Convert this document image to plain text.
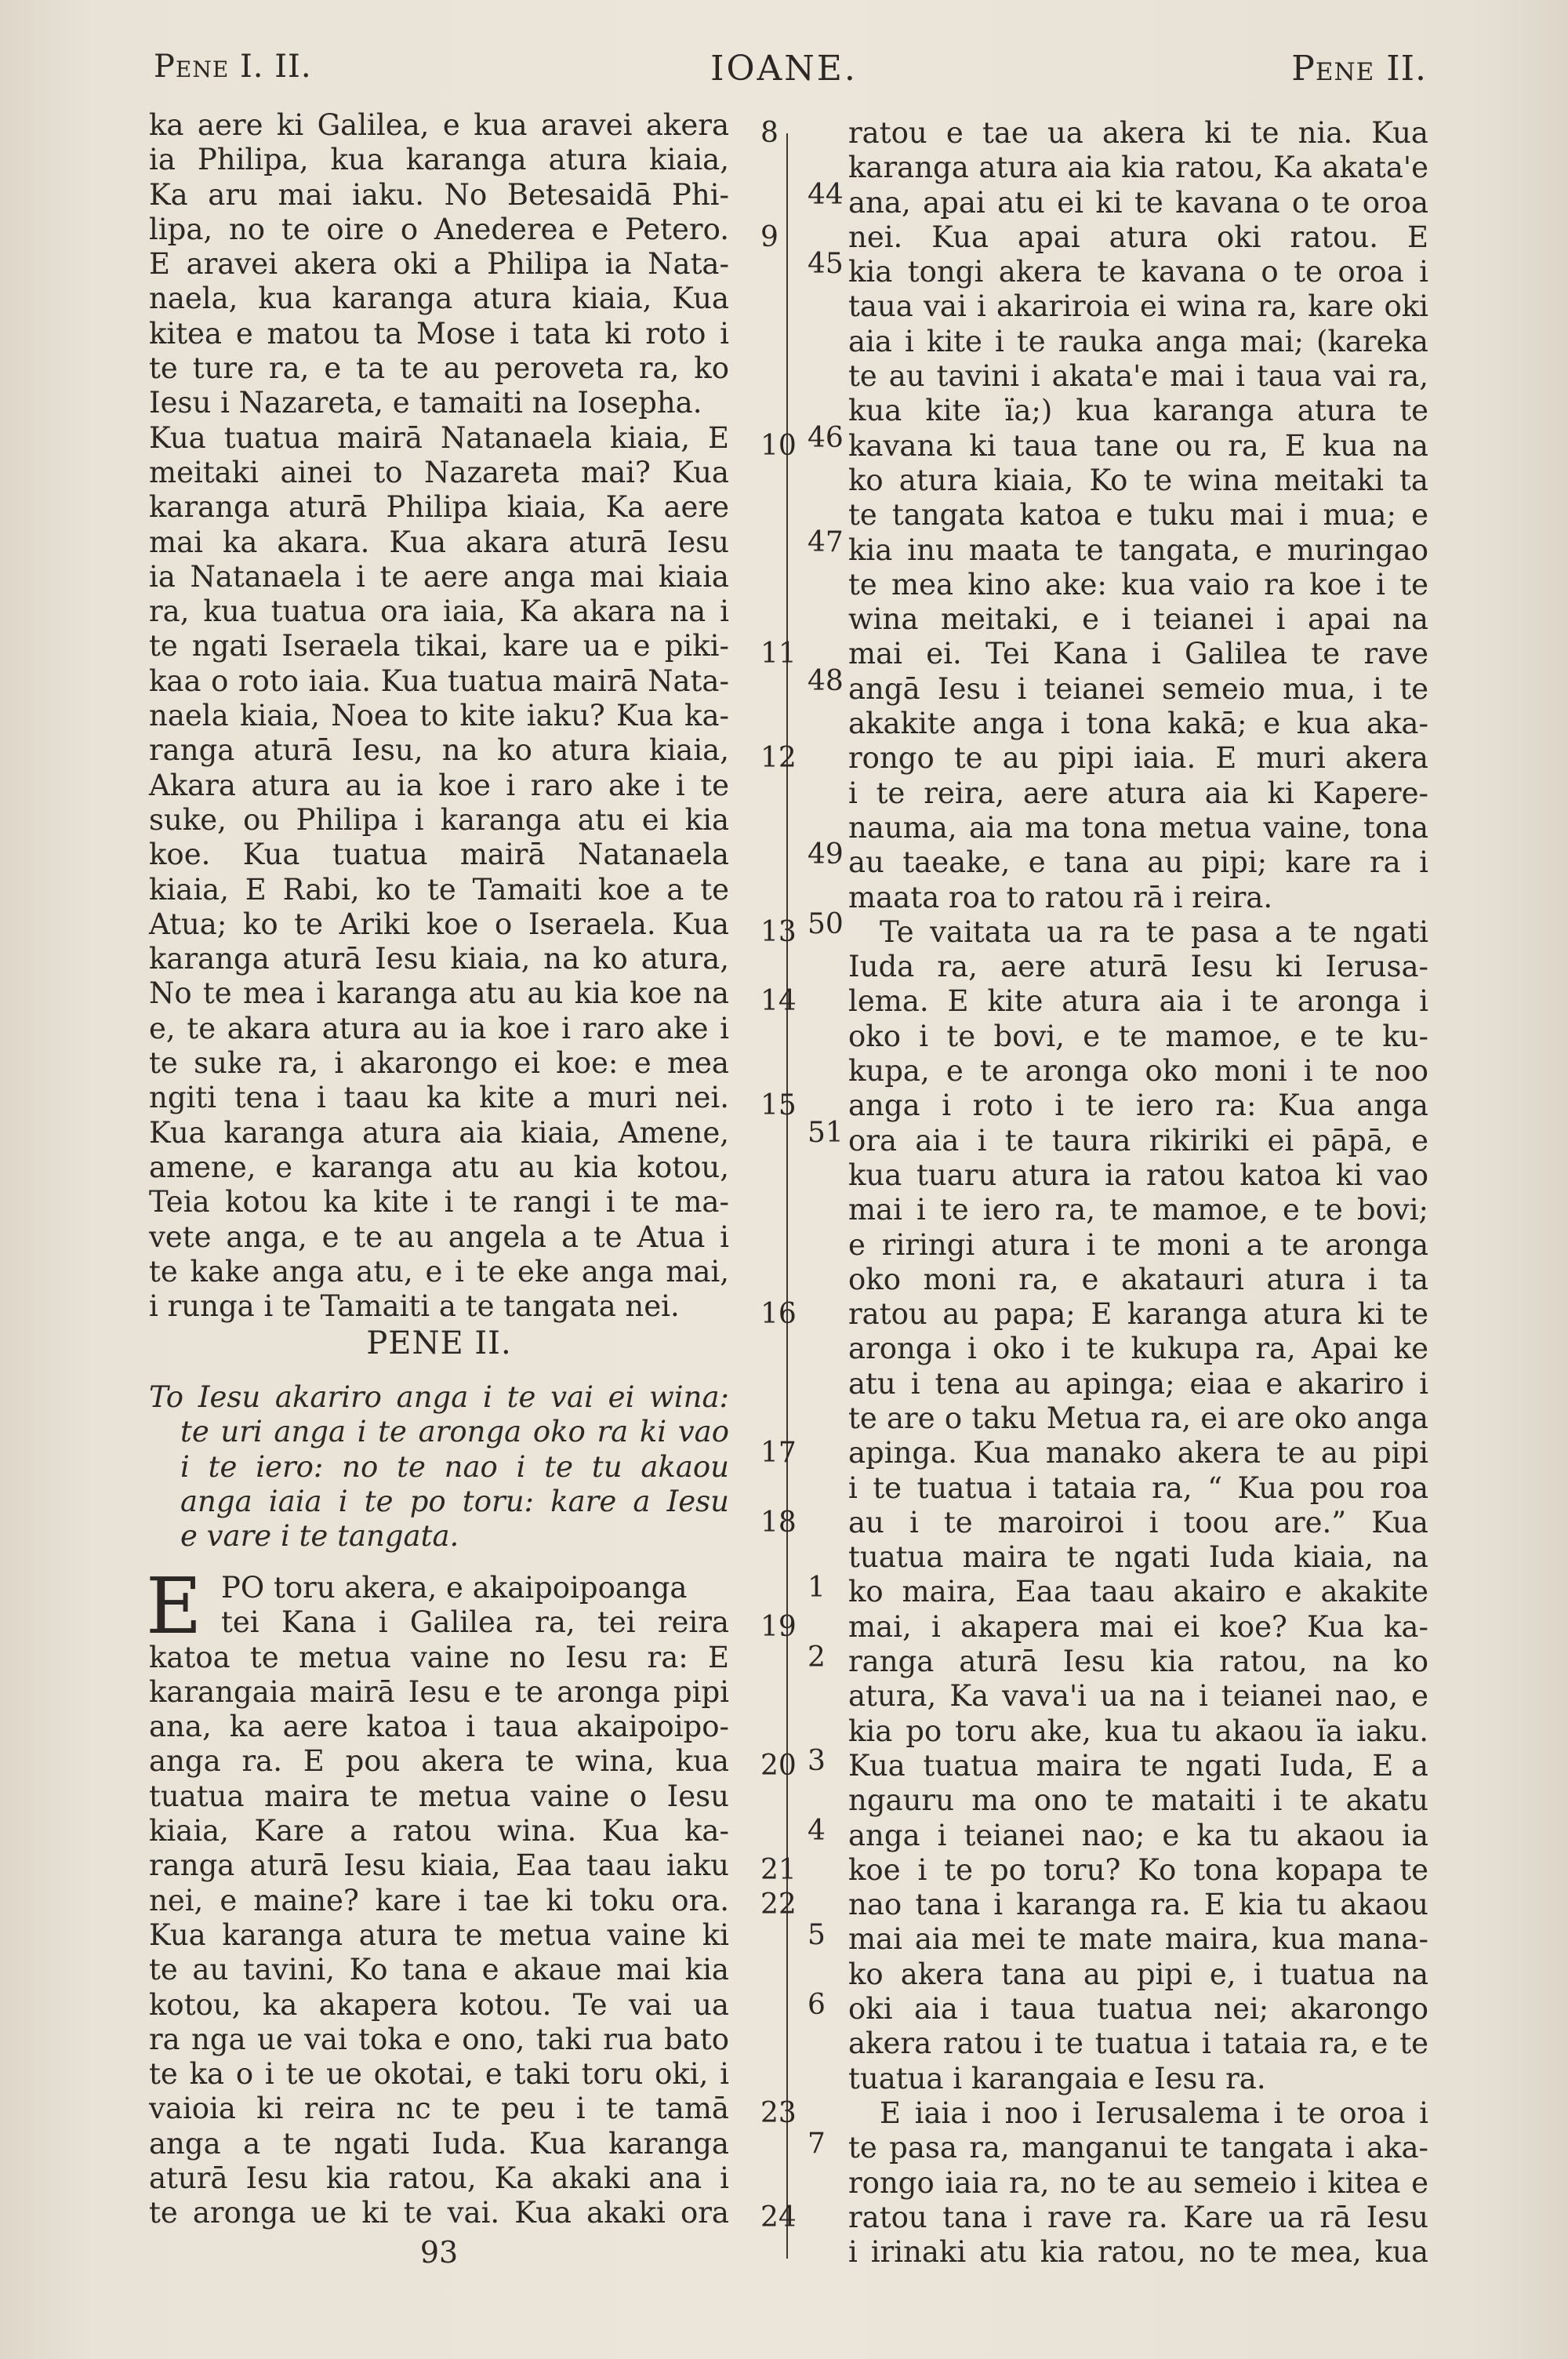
Pene I. II.	IOANE.	Pene II.
ka aere ki Galilea, e kua aravei akera
ia Philipa, kua karanga atura kiaia,
Ka aru mai iaku. No Betesaidā Phi-	44
lipa, no te oire o Anederea e Petero.
E aravei akera oki a Philipa ia Nata-	45
naela, kua karanga atura kiaia, Kua
kitea e matou ta Mose i tata ki roto i
te ture ra, e ta te au peroveta ra, ko
Iesu i Nazareta, e tamaiti na Iosepha.
Kua tuatua mairā Natanaela kiaia, E	46
meitaki ainei to Nazareta mai? Kua
karanga aturā Philipa kiaia, Ka aere
mai ka akara. Kua akara aturā Iesu	47
ia Natanaela i te aere anga mai kiaia
ra, kua tuatua ora iaia, Ka akara na i
te ngati Iseraela tikai, kare ua e piki-
kaa o roto iaia. Kua tuatua mairā Nata-	48
naela kiaia, Noea to kite iaku? Kua ka-
ranga aturā Iesu, na ko atura kiaia,
Akara atura au ia koe i raro ake i te
suke, ou Philipa i karanga atu ei kia
koe. Kua tuatua mairā Natanaela	49
kiaia, E Rabi, ko te Tamaiti koe a te
Atua; ko te Ariki koe o Iseraela. Kua	50
karanga aturā Iesu kiaia, na ko atura,
No te mea i karanga atu au kia koe na
e, te akara atura au ia koe i raro ake i
te suke ra, i akarongo ei koe: e mea
ngiti tena i taau ka kite a muri nei.
Kua karanga atura aia kiaia, Amene,	51
amene, e karanga atu au kia kotou,
Teia kotou ka kite i te rangi i te ma-
vete anga, e te au angela a te Atua i
te kake anga atu, e i te eke anga mai,
i runga i te Tamaiti a te tangata nei.
PENE II.
To Iesu akariro anga i te vai ei wina:
te uri anga i te aronga oko ra ki vao
i te iero: no te nao i te tu akaou
anga iaia i te po toru: kare a Iesu
e vare i te tangata.
E PO toru akera, e akaipoipoanga	1
tei Kana i Galilea ra, tei reira
katoa te metua vaine no Iesu ra: E	2
karangaia mairā Iesu e te aronga pipi
ana, ka aere katoa i taua akaipoipo-
anga ra. E pou akera te wina, kua	3
tuatua maira te metua vaine o Iesu
kiaia, Kare a ratou wina. Kua ka-	4
ranga aturā Iesu kiaia, Eaa taau iaku
nei, e maine? kare i tae ki toku ora.
Kua karanga atura te metua vaine ki	5
te au tavini, Ko tana e akaue mai kia
kotou, ka akapera kotou. Te vai ua	6
ra nga ue vai toka e ono, taki rua bato
te ka o i te ue okotai, e taki toru oki, i
vaioia ki reira nc te peu i te tamā
anga a te ngati Iuda. Kua karanga	7
aturā Iesu kia ratou, Ka akaki ana i
te aronga ue ki te vai. Kua akaki ora
ratou e tae ua akera ki te nia. Kua
8
karanga atura aia kia ratou, Ka akata'e
ana, apai atu ei ki te kavana o te oroa
nei. Kua apai atura oki ratou. E
9
kia tongi akera te kavana o te oroa i
taua vai i akariroia ei wina ra, kare oki
aia i kite i te rauka anga mai; (kareka
te au tavini i akata'e mai i taua vai ra,
kua kite ïa;) kua karanga atura te
kavana ki taua tane ou ra, E kua na
10
ko atura kiaia, Ko te wina meitaki ta
te tangata katoa e tuku mai i mua; e
kia inu maata te tangata, e muringao
te mea kino ake: kua vaio ra koe i te
wina meitaki, e i teianei i apai na
mai ei. Tei Kana i Galilea te rave
11
angā Iesu i teianei semeio mua, i te
akakite anga i tona kakā; e kua aka-
rongo te au pipi iaia. E muri akera
12
i te reira, aere atura aia ki Kapere-
nauma, aia ma tona metua vaine, tona
au taeake, e tana au pipi; kare ra i
maata roa to ratou rā i reira.
Te vaitata ua ra te pasa a te ngati
13
Iuda ra, aere aturā Iesu ki Ierusa-
lema. E kite atura aia i te aronga i
14
oko i te bovi, e te mamoe, e te ku-
kupa, e te aronga oko moni i te noo
anga i roto i te iero ra: Kua anga
15
ora aia i te taura rikiriki ei pāpā, e
kua tuaru atura ia ratou katoa ki vao
mai i te iero ra, te mamoe, e te bovi;
e riringi atura i te moni a te aronga
oko moni ra, e akatauri atura i ta
ratou au papa; E karanga atura ki te
16
aronga i oko i te kukupa ra, Apai ke
atu i tena au apinga; eiaa e akariro i
te are o taku Metua ra, ei are oko anga
apinga. Kua manako akera te au pipi
17
i te tuatua i tataia ra, “ Kua pou roa
au i te maroiroi i toou are.” Kua
18
tuatua maira te ngati Iuda kiaia, na
ko maira, Eaa taau akairo e akakite
mai, i akapera mai ei koe? Kua ka-
19
ranga aturā Iesu kia ratou, na ko
atura, Ka vava'i ua na i teianei nao, e
kia po toru ake, kua tu akaou ïa iaku.
Kua tuatua maira te ngati Iuda, E a
20
ngauru ma ono te mataiti i te akatu
anga i teianei nao; e ka tu akaou ia
koe i te po toru? Ko tona kopapa te
21
nao tana i karanga ra. E kia tu akaou
22
mai aia mei te mate maira, kua mana-
ko akera tana au pipi e, i tuatua na
oki aia i taua tuatua nei; akarongo
akera ratou i te tuatua i tataia ra, e te
tuatua i karangaia e Iesu ra.
E iaia i noo i Ierusalema i te oroa i
23
te pasa ra, manganui te tangata i aka-
rongo iaia ra, no te au semeio i kitea e
ratou tana i rave ra. Kare ua rā Iesu
24
i irinaki atu kia ratou, no te mea, kua
93
